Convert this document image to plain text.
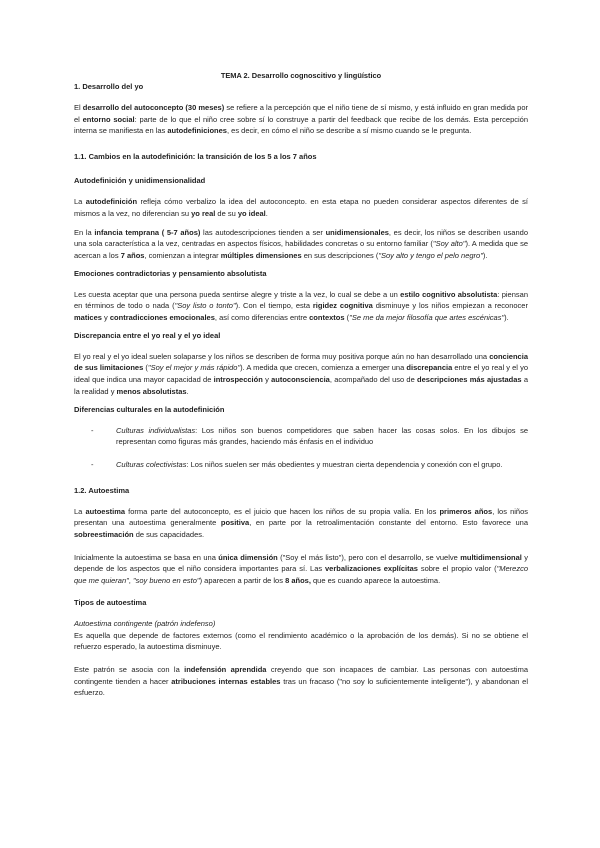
TEMA 2. Desarrollo cognoscitivo y lingüístico
1. Desarrollo del yo
El desarrollo del autoconcepto (30 meses) se refiere a la percepción que el niño tiene de sí mismo, y está influido en gran medida por el entorno social: parte de lo que el niño cree sobre sí lo construye a partir del feedback que recibe de los demás. Esta percepción interna se manifiesta en las autodefiniciones, es decir, en cómo el niño se describe a sí mismo cuando se le pregunta.
1.1. Cambios en la autodefinición: la transición de los 5 a los 7 años
Autodefinición y unidimensionalidad
La autodefinición refleja cómo verbalizo la idea del autoconcepto. en esta etapa no pueden considerar aspectos diferentes de sí mismos a la vez, no diferencian su yo real de su yo ideal.
En la infancia temprana ( 5-7 años) las autodescripciones tienden a ser unidimensionales, es decir, los niños se describen usando una sola característica a la vez, centradas en aspectos físicos, habilidades concretas o su entorno familiar ("Soy alto"). A medida que se acercan a los 7 años, comienzan a integrar múltiples dimensiones en sus descripciones ("Soy alto y tengo el pelo negro").
Emociones contradictorias y pensamiento absolutista
Les cuesta aceptar que una persona pueda sentirse alegre y triste a la vez, lo cual se debe a un estilo cognitivo absolutista: piensan en términos de todo o nada ("Soy listo o tonto"). Con el tiempo, esta rigidez cognitiva disminuye y los niños empiezan a reconocer matices y contradicciones emocionales, así como diferencias entre contextos ("Se me da mejor filosofía que artes escénicas").
Discrepancia entre el yo real y el yo ideal
El yo real y el yo ideal suelen solaparse y los niños se describen de forma muy positiva porque aún no han desarrollado una conciencia de sus limitaciones ("Soy el mejor y más rápido"). A medida que crecen, comienza a emerger una discrepancia entre el yo real y el yo ideal que indica una mayor capacidad de introspección y autoconsciencia, acompañado del uso de descripciones más ajustadas a la realidad y menos absolutistas.
Diferencias culturales en la autodefinición
-	Culturas individualistas: Los niños son buenos competidores que saben hacer las cosas solos. En los dibujos se representan como figuras más grandes, haciendo más énfasis en el individuo
-	Culturas colectivistas: Los niños suelen ser más obedientes y muestran cierta dependencia y conexión con el grupo.
1.2. Autoestima
La autoestima forma parte del autoconcepto, es el juicio que hacen los niños de su propia valía. En los primeros años, los niños presentan una autoestima generalmente positiva, en parte por la retroalimentación constante del entorno. Esto favorece una sobreestimación de sus capacidades.
Inicialmente la autoestima se basa en una única dimensión ("Soy el más listo"), pero con el desarrollo, se vuelve multidimensional y depende de los aspectos que el niño considera importantes para sí. Las verbalizaciones explícitas sobre el propio valor ("Merezco que me quieran", "soy bueno en esto") aparecen a partir de los 8 años, que es cuando aparece la autoestima.
Tipos de autoestima
Autoestima contingente (patrón indefenso)
Es aquella que depende de factores externos (como el rendimiento académico o la aprobación de los demás). Si no se obtiene el refuerzo esperado, la autoestima disminuye.
Este patrón se asocia con la indefensión aprendida creyendo que son incapaces de cambiar. Las personas con autoestima contingente tienden a hacer atribuciones internas estables tras un fracaso ("no soy lo suficientemente inteligente"), y abandonan el esfuerzo.
